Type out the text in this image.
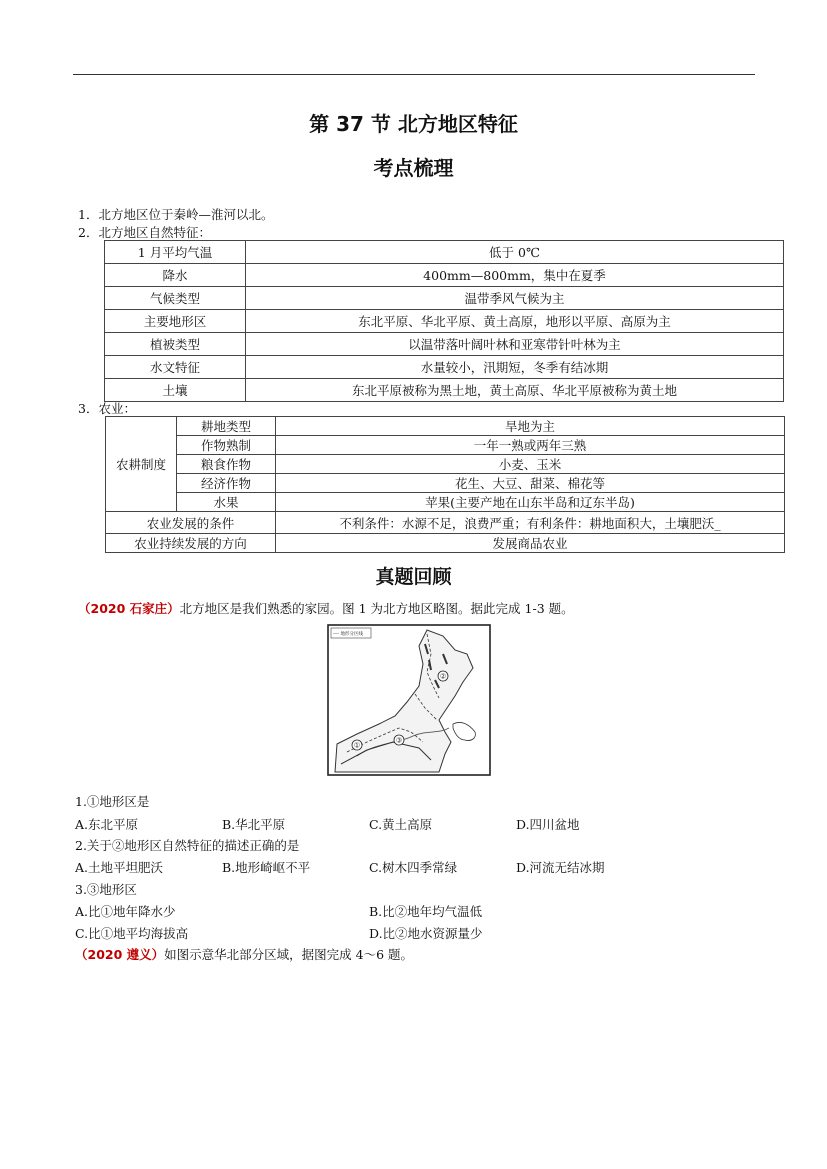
第 37 节 北方地区特征
考点梳理
1．北方地区位于秦岭—淮河以北。
2．北方地区自然特征：
1 月平均气温	低于 0℃
降水	400mm—800mm，集中在夏季
气候类型	温带季风气候为主
主要地形区	东北平原、华北平原、黄土高原，地形以平原、高原为主
植被类型	以温带落叶阔叶林和亚寒带针叶林为主
水文特征	水量较小，汛期短，冬季有结冰期
土壤	东北平原被称为黑土地，黄土高原、华北平原被称为黄土地
3．农业：
农耕制度	耕地类型	旱地为主
	作物熟制	一年一熟或两年三熟
	粮食作物	小麦、玉米
	经济作物	花生、大豆、甜菜、棉花等
	水果	苹果(主要产地在山东半岛和辽东半岛)
农业发展的条件		不利条件：水源不足，浪费严重；有利条件：耕地面积大，土壤肥沃_
农业持续发展的方向		发展商品农业
真题回顾
（2020 石家庄）北方地区是我们熟悉的家园。图 1 为北方地区略图。据此完成 1-3 题。
---- 地形分区线
①
②
③
1.①地形区是
A.东北平原	B.华北平原	C.黄土高原	D.四川盆地
2.关于②地形区自然特征的描述正确的是
A.土地平坦肥沃	B.地形崎岖不平	C.树木四季常绿	D.河流无结冰期
3.③地形区
A.比①地年降水少	B.比②地年均气温低
C.比①地平均海拔高	D.比②地水资源量少
（2020 遵义）如图示意华北部分区域，据图完成 4～6 题。
